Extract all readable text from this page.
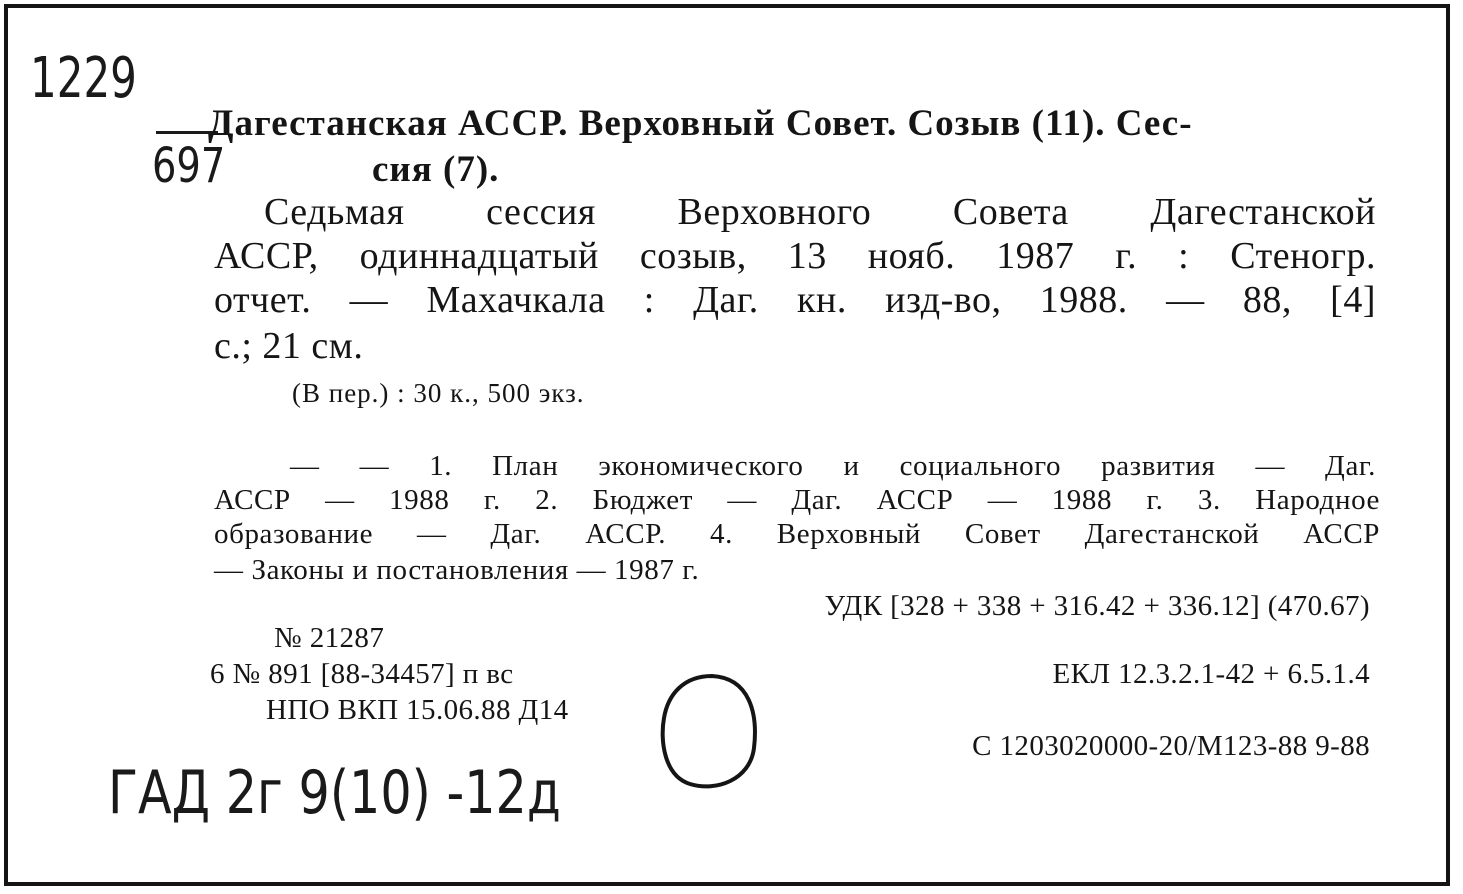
1229
697
Дагестанская АССР. Верховный Совет. Созыв (11). Сес-
сия (7).
Седьмая сессия Верховного Совета Дагестанской
АССР, одиннадцатый созыв, 13 нояб. 1987 г. : Стеногр.
отчет. — Махачкала : Даг. кн. изд-во, 1988. — 88, [4]
с.; 21 см.
(В пер.) : 30 к., 500 экз.
— — 1. План экономического и социального развития — Даг.
АССР — 1988 г. 2. Бюджет — Даг. АССР — 1988 г. 3. Народное
образование — Даг. АССР. 4. Верховный Совет Дагестанской АССР
— Законы и постановления — 1987 г.
УДК [328 + 338 + 316.42 + 336.12] (470.67)
№ 21287
6 № 891 [88-34457] п вс	ЕКЛ 12.3.2.1-42 + 6.5.1.4
НПО ВКП 15.06.88 Д14
С 1203020000-20/М123-88 9-88
ГАД 2г 9(10) -12д
